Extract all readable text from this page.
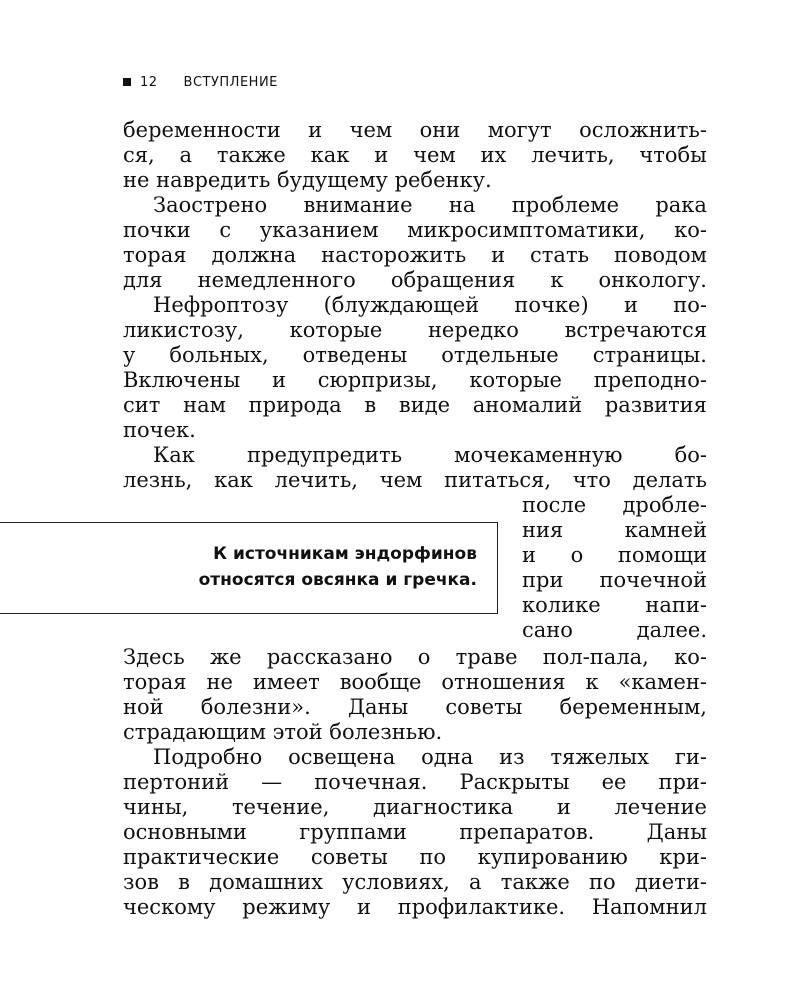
12 ВСТУПЛЕНИЕ
беременности и чем они могут осложнить-
ся, а также как и чем их лечить, чтобы
не навредить будущему ребенку.
Заострено внимание на проблеме рака
почки с указанием микросимптоматики, ко-
торая должна насторожить и стать поводом
для немедленного обращения к онкологу.
Нефроптозу (блуждающей почке) и по-
ликистозу, которые нередко встречаются
у больных, отведены отдельные страницы.
Включены и сюрпризы, которые преподно-
сит нам природа в виде аномалий развития
почек.
Как предупредить мочекаменную бо-
лезнь, как лечить, чем питаться, что делать
после дробле-
ния	камней
и о помощи
при почечной
колике напи-
сано	далее.
Здесь же рассказано о траве пол-пала, ко-
торая не имеет вообще отношения к «камен-
ной болезни». Даны советы беременным,
страдающим этой болезнью.
Подробно освещена одна из тяжелых ги-
пертоний — почечная. Раскрыты ее при-
чины, течение, диагностика и лечение
основными группами препаратов. Даны
практические советы по купированию кри-
зов в домашних условиях, а также по диети-
ческому режиму и профилактике. Напомнил
К источникам эндорфинов
относятся овсянка и гречка.
